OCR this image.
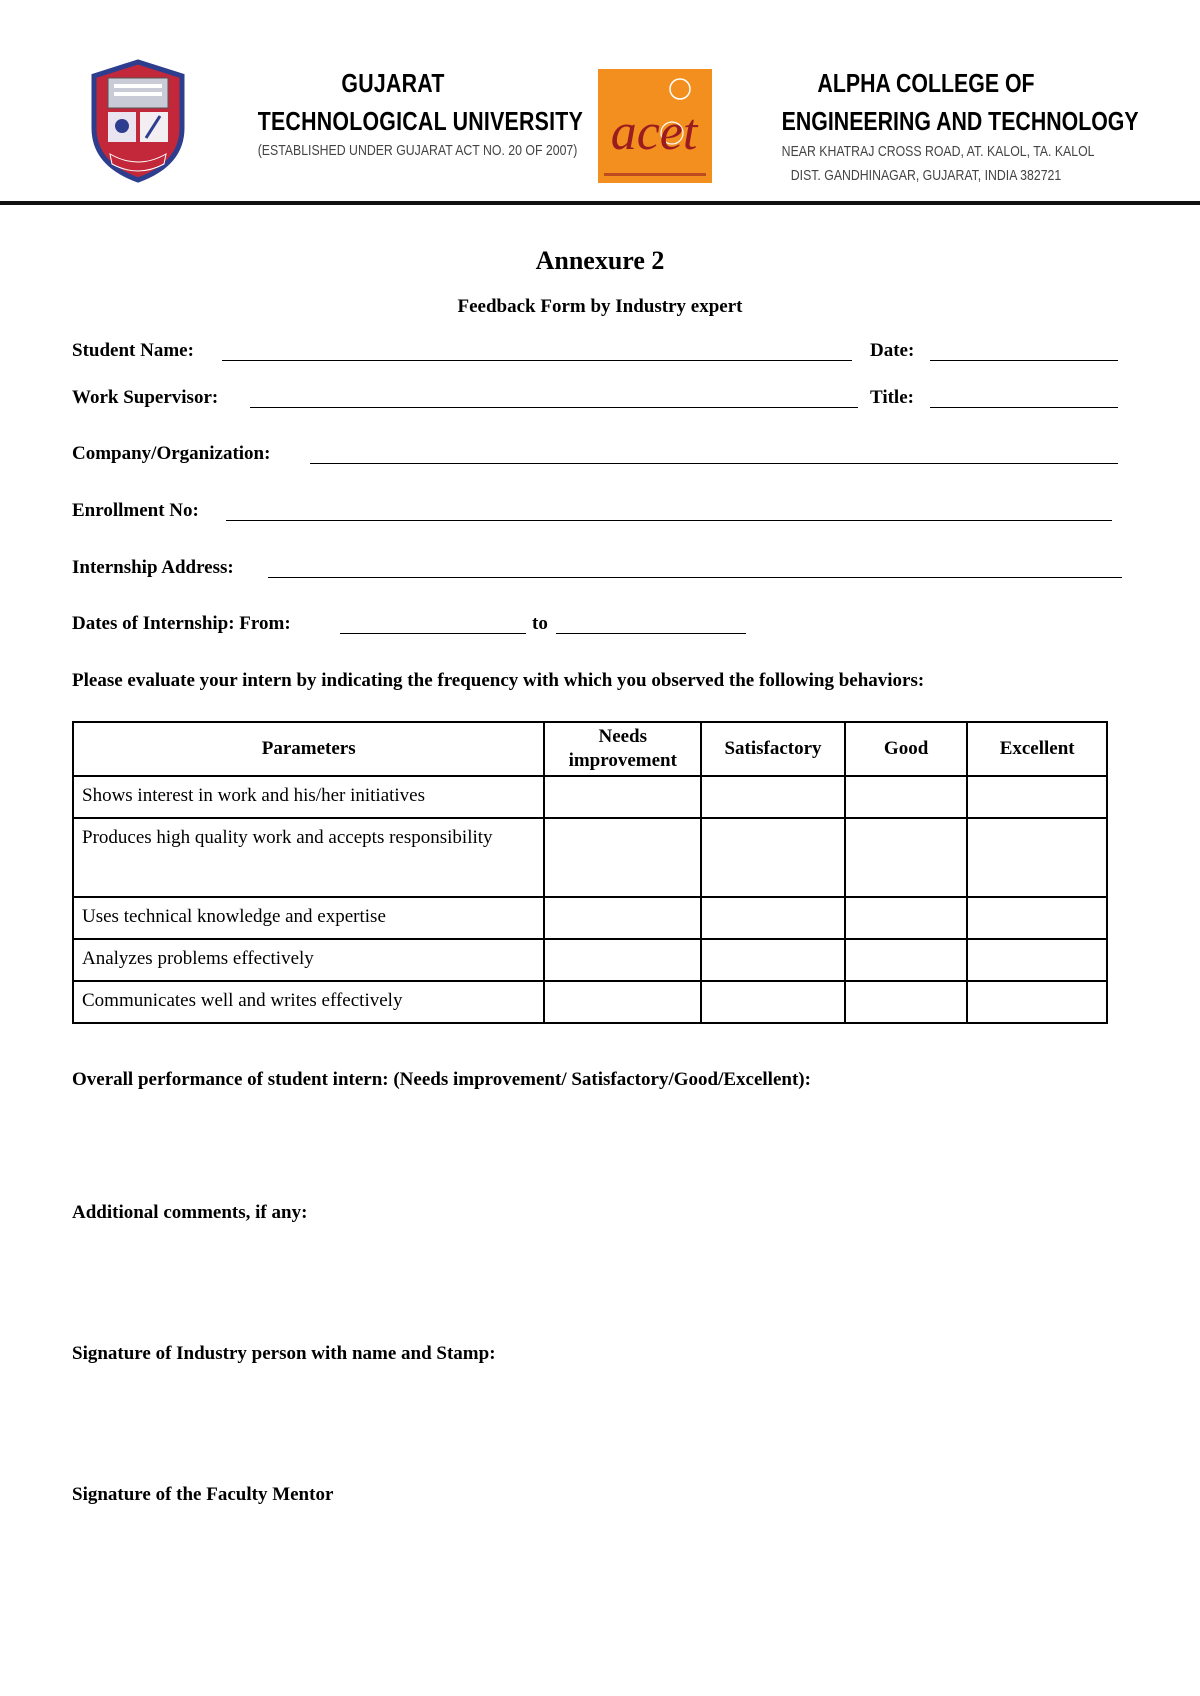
GUJARAT
TECHNOLOGICAL UNIVERSITY
(ESTABLISHED UNDER GUJARAT ACT NO. 20 OF 2007) acet
ALPHA COLLEGE OF
ENGINEERING AND TECHNOLOGY
NEAR KHATRAJ CROSS ROAD, AT. KALOL, TA. KALOL
DIST. GANDHINAGAR, GUJARAT, INDIA 382721
Annexure 2
Feedback Form by Industry expert
Student Name:	Date:
Work Supervisor:	Title:
Company/Organization:
Enrollment No:
Internship Address:
Dates of Internship: From:	to
Please evaluate your intern by indicating the frequency with which you observed the following behaviors:
Parameters	Needs improvement	Satisfactory	Good	Excellent
Shows interest in work and his/her initiatives				
Produces high quality work and accepts responsibility				
Uses technical knowledge and expertise				
Analyzes problems effectively				
Communicates well and writes effectively				
Overall performance of student intern: (Needs improvement/ Satisfactory/Good/Excellent):
Additional comments, if any:
Signature of Industry person with name and Stamp:
Signature of the Faculty Mentor
